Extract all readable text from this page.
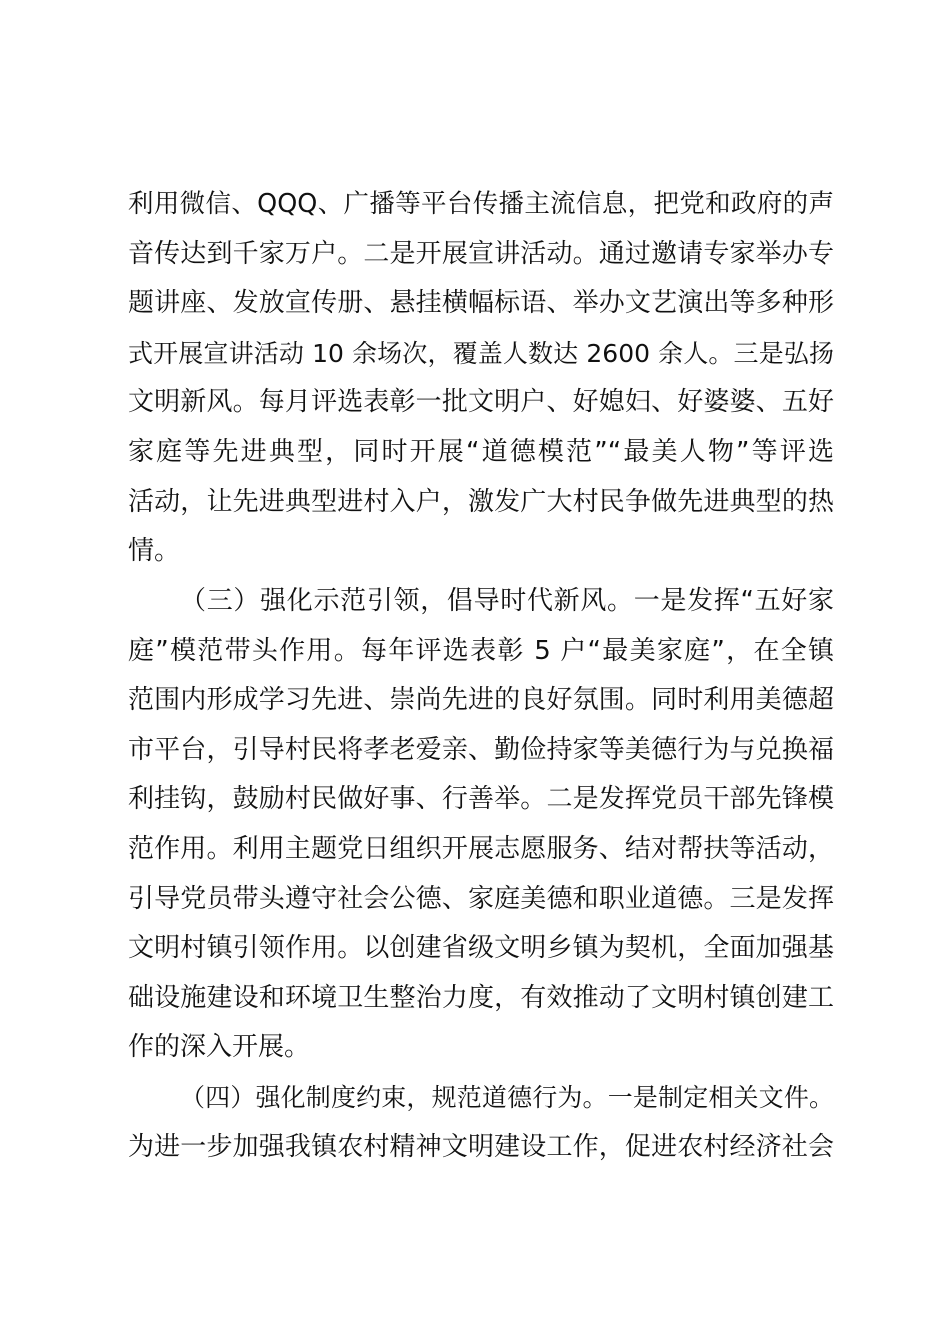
利用微信、QQQ、广播等平台传播主流信息，把党和政府的声
音传达到千家万户。二是开展宣讲活动。通过邀请专家举办专
题讲座、发放宣传册、悬挂横幅标语、举办文艺演出等多种形
式开展宣讲活动 10 余场次，覆盖人数达 2600 余人。三是弘扬
文明新风。每月评选表彰一批文明户、好媳妇、好婆婆、五好
家庭等先进典型，同时开展“道德模范”“最美人物”等评选
活动，让先进典型进村入户，激发广大村民争做先进典型的热
情。
（三）强化示范引领，倡导时代新风。一是发挥“五好家
庭”模范带头作用。每年评选表彰 5 户“最美家庭”，在全镇
范围内形成学习先进、崇尚先进的良好氛围。同时利用美德超
市平台，引导村民将孝老爱亲、勤俭持家等美德行为与兑换福
利挂钩，鼓励村民做好事、行善举。二是发挥党员干部先锋模
范作用。利用主题党日组织开展志愿服务、结对帮扶等活动，
引导党员带头遵守社会公德、家庭美德和职业道德。三是发挥
文明村镇引领作用。以创建省级文明乡镇为契机，全面加强基
础设施建设和环境卫生整治力度，有效推动了文明村镇创建工
作的深入开展。
（四）强化制度约束，规范道德行为。一是制定相关文件。
为进一步加强我镇农村精神文明建设工作，促进农村经济社会
